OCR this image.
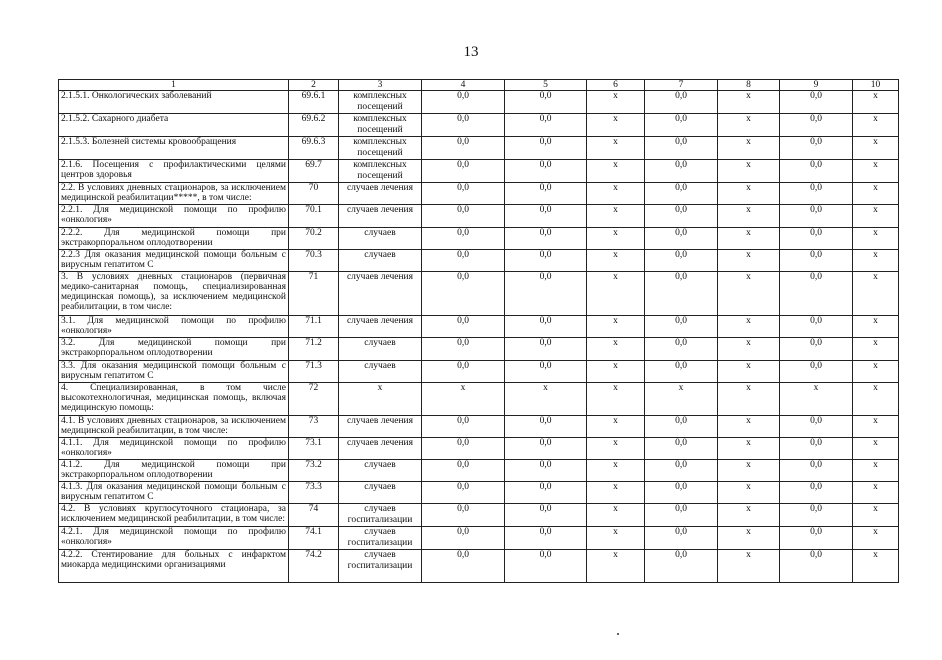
13
1	2	3	4	5	6	7	8	9	10
2.1.5.1. Онкологических заболеваний	69.6.1	комплексных посещений	0,0	0,0	х	0,0	х	0,0	х
2.1.5.2. Сахарного диабета	69.6.2	комплексных посещений	0,0	0,0	х	0,0	х	0,0	х
2.1.5.3. Болезней системы кровообращения	69.6.3	комплексных посещений	0,0	0,0	х	0,0	х	0,0	х
2.1.6. Посещения с профилактическими целями центров здоровья	69.7	комплексных посещений	0,0	0,0	х	0,0	х	0,0	х
2.2. В условиях дневных стационаров, за исключением медицинской реабилитации*****, в том числе:	70	случаев лечения	0,0	0,0	х	0,0	х	0,0	х
2.2.1. Для медицинской помощи по профилю «онкология»	70.1	случаев лечения	0,0	0,0	х	0,0	х	0,0	х
2.2.2. Для медицинской помощи при экстракорпоральном оплодотворении	70.2	случаев	0,0	0,0	х	0,0	х	0,0	х
2.2.3 Для оказания медицинской помощи больным с вирусным гепатитом С	70.3	случаев	0,0	0,0	х	0,0	х	0,0	х
3. В условиях дневных стационаров (первичная медико-санитарная помощь, специализированная медицинская помощь), за исключением медицинской реабилитации, в том числе:	71	случаев лечения	0,0	0,0	х	0,0	х	0,0	х
3.1. Для медицинской помощи по профилю «онкология»	71.1	случаев лечения	0,0	0,0	х	0,0	х	0,0	х
3.2. Для медицинской помощи при экстракорпоральном оплодотворении	71.2	случаев	0,0	0,0	х	0,0	х	0,0	х
3.3. Для оказания медицинской помощи больным с вирусным гепатитом С	71.3	случаев	0,0	0,0	х	0,0	х	0,0	х
4. Специализированная, в том числе высокотехнологичная, медицинская помощь, включая медицинскую помощь:	72	х	х	х	х	х	х	х	х
4.1. В условиях дневных стационаров, за исключением медицинской реабилитации, в том числе:	73	случаев лечения	0,0	0,0	х	0,0	х	0,0	х
4.1.1. Для медицинской помощи по профилю «онкология»	73.1	случаев лечения	0,0	0,0	х	0,0	х	0,0	х
4.1.2. Для медицинской помощи при экстракорпоральном оплодотворении	73.2	случаев	0,0	0,0	х	0,0	х	0,0	х
4.1.3. Для оказания медицинской помощи больным с вирусным гепатитом С	73.3	случаев	0,0	0,0	х	0,0	х	0,0	х
4.2. В условиях круглосуточного стационара, за исключением медицинской реабилитации, в том числе:	74	случаев госпитализации	0,0	0,0	х	0,0	х	0,0	х
4.2.1. Для медицинской помощи по профилю «онкология»	74.1	случаев госпитализации	0,0	0,0	х	0,0	х	0,0	х
4.2.2. Стентирование для больных с инфарктом миокарда медицинскими организациями	74.2	случаев госпитализации	0,0	0,0	х	0,0	х	0,0	х
